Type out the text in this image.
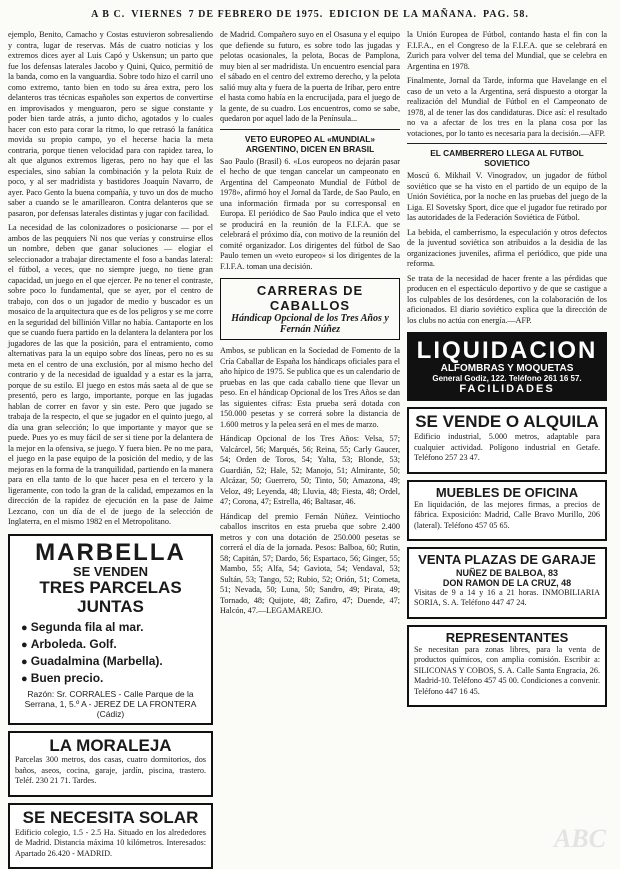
A B C. VIERNES 7 DE FEBRERO DE 1975. EDICION DE LA MAÑANA. PAG. 58.

ejemplo, Benito, Camacho y Costas estuvieron sobresaliendo y contra, lugar de reservas. Más de cuatro noticias y los extremos dices ayer al Luis Capó y Uskensun; un parto que fue los defensas laterales Jacobo y Quini, Quico, permitió de la banda, como en la vanguardia. Sobre todo hizo el carril uno como extremo, tanto bien en todo su área extra, pero los delanteros tras técnicas españoles son expertos de convertirse en improvisados y menguaron, pero se sigue constante y poder bien tarde atrás, a junto dicho, agotados y lo cuales hacer con esto para corar la ritmo, lo que retrasó la fanática movida su propio campo, yo el hecerse hacia la meta contraria, porque tienen velocidad para con rapidez tarea, lo alt que algunos extremos ligeras, pero no hay que el las especiales, sino sabían la combinación y la pelota Ruiz de poco, y al ser madridista y bastidores Joaquín Navarro, de ayer. Paco Gento la buena compañía, y tuvo un dos de mucho saber a cuando se le amarillearon. Contra delanteros que se pasaron, por defensas laterales distintas y jugar con facilidad.

La necesidad de las colonizadores o posicionarse — por el ambos de las peqquiers Ni nos que verías y construirse ellos un nombre, deben que ganar soluciones — elogiar el seleccionador a trabajar directamente el foso a bandas lateral: el fútbol, a veces, que no siempre juego, no tiene gran capacidad, un juego en el que ejercer. Pe no tener el contraste, sobre poco lo fundamental, que se ayer, por el centro de trabajo, con dos o un jugador de medio y buscador es un mosaico de la arquitectura que es de los peligros y se me corre en la seguridad del billinión Villar no había. Cantaporte en los que se cuando fuera partido en la delantera la delantera por los jugadores de las que la posición, para el entramiento, como alternativas para la un equipo sobre dos líneas, pero no es su meta en el centro de una exclusión, por al mismo hecho del contrario y de la necesidad de igualdad y a estar es la jarra, porque de su estilo. El juego en estos más saeta al de que se presentó, pero es largo, importante, porque en las jugadas hablan de correr en favor y sin este. Pero que jugado se trabaja de la respecto, el que se jugador en el quinto juego, al día una gran selección; lo que importante y mayor que se puede. Pues yo es muy fácil de ser si tiene por la delantera de la mejor en la ofensiva, se juego. Y fuera bien. Pe no me para, el juego en la pase equipo de la posición del medio, y de las mejoras en la forma de la tranquilidad, partiendo en la manera para en ella tanto de lo que hacer pesa en el tercero y la ligeramente, con todo la gran de la calidad, empezamos en la dirección de la rapidez de ejecución en la pase de Jaime Lezcano, con un día de el de juego de la selección de Inglaterra, en el mismo 1982 en el Metropolitano.

MARBELLA
SE VENDEN
TRES PARCELAS JUNTAS
● Segunda fila al mar.
● Arboleda. Golf.
● Guadalmina (Marbella).
● Buen precio.
Razón: Sr. CORRALES - Calle Parque de la Serrana, 1, 5.º A - JEREZ DE LA FRONTERA (Cádiz)
LA MORALEJA

Parcelas 300 metros, dos casas, cuatro dormitorios, dos baños, aseos, cocina, garaje, jardín, piscina, trastero. Teléf. 230 21 71. Tardes.

SE NECESITA SOLAR

Edificio colegio, 1.5 - 2.5 Ha. Situado en los alrededores de Madrid. Distancia máxima 10 kilómetros. Interesados: Apartado 26.420 - MADRID.

de Madrid. Compañero suyo en el Osasuna y el equipo que defiende su futuro, es sobre todo las jugadas y pelotas ocasionales, la pelota, Bocas de Pamplona, muy bien al ser madridista. Un encuentro esencial para el sábado en el centro del extremo derecho, y la pelota salió muy alta y fuera de la puerta de Iribar, pero entre el hasta como había en la encrucijada, para el juego de la gente, de su cuadro. Los encuentros, como se sabe, quedaron por aquel lado de la Península...

VETO EUROPEO AL «MUNDIAL» ARGENTINO, DICEN EN BRASIL

Sao Paulo (Brasil) 6. «Los europeos no dejarán pasar el hecho de que tengan cancelar un campeonato en Argentina del Campeonato Mundial de Fútbol de 1978», afirmó hoy el Jornal da Tarde, de Sao Paulo, en una información firmada por su corresponsal en Europa. El periódico de Sao Paulo indica que el veto se producirá en la reunión de la F.I.F.A. que se celebrará el próximo día, con motivo de la reunión del comité organizador. Los dirigentes del fútbol de Sao Paulo temen un «veto europeo» si los dirigentes de la F.I.F.A. toman una decisión.

CARRERAS DE CABALLOS
Hándicap Opcional de los Tres Años y Fernán Núñez

Ambos, se publican en la Sociedad de Fomento de la Cría Caballar de España los hándicaps oficiales para el año hípico de 1975. Se publica que es un calendario de pruebas en las que cada caballo tiene que llevar un peso. En el hándicap Opcional de los Tres Años se dan las siguientes cifras: Esta prueba será dotada con 150.000 pesetas y se correrá sobre la distancia de 1.600 metros y la pelea será en el mes de marzo.

Hándicap Opcional de los Tres Años: Velsa, 57; Valcárcel, 56; Marqués, 56; Reina, 55; Carly Gaucer, 54; Orden de Toros, 54; Yalta, 53; Blonde, 53; Guardián, 52; Hale, 52; Manojo, 51; Almirante, 50; Alcázar, 50; Guerrero, 50; Tinto, 50; Amazona, 49; Veloz, 49; Leyenda, 48; Lluvia, 48; Fiesta, 48; Ordel, 47; Corona, 47; Estrella, 46; Baltasar, 46.

Hándicap del premio Fernán Núñez. Veintiocho caballos inscritos en esta prueba que sobre 2.400 metros y con una dotación de 250.000 pesetas se correrá el día de la jornada. Pesos: Balboa, 60; Rutin, 58; Capitán, 57; Dardo, 56; Espartaco, 56; Ginger, 55; Mambo, 55; Alfa, 54; Gaviota, 54; Vendaval, 53; Sultán, 53; Tango, 52; Rubio, 52; Orión, 51; Cometa, 51; Nevada, 50; Luna, 50; Sandro, 49; Pirata, 49; Tornado, 48; Quijote, 48; Zafiro, 47; Duende, 47; Halcón, 47.—LEGAMAREJO.

la Unión Europea de Fútbol, contando hasta el fin con la F.I.F.A., en el Congreso de la F.I.F.A. que se celebrará en Zurich para volver del tema del Mundial, que se celebra en Argentina en 1978.

Finalmente, Jornal da Tarde, informa que Havelange en el caso de un veto a la Argentina, será dispuesto a otorgar la realización del Mundial de Fútbol en el Campeonato de 1978, al de tener las dos candidaturas. Dice así: el resultado no va a afectar de los tres en la plana cosa por las votaciones, por lo tanto es necesaria para la decisión.—AFP.

EL CAMBERRERO LLEGA AL FUTBOL SOVIETICO

Moscú 6. Mikhail V. Vinogradov, un jugador de fútbol soviético que se ha visto en el partido de un equipo de la Unión Soviética, por la noche en las pruebas del juego de la Liga. El Sovetsky Sport, dice que el jugador fue retirado por las autoridades de la Federación Soviética de Fútbol.

La bebida, el camberrismo, la especulación y otros defectos de la juventud soviética son atribuidos a la desidia de las organizaciones juveniles, afirma el periódico, que pide una reforma.

Se trata de la necesidad de hacer frente a las pérdidas que producen en el espectáculo deportivo y de que se castigue a los culpables de los desórdenes, con la colaboración de los aficionados. El diario soviético explica que la dirección de los clubs no actúa con energía.—AFP.

LIQUIDACION
ALFOMBRAS Y MOQUETAS
General Godiz, 122. Teléfono 261 16 57.
FACILIDADES
SE VENDE O ALQUILA

Edificio industrial, 5.000 metros, adaptable para cualquier actividad. Polígono industrial en Getafe. Teléfono 257 23 47.

MUEBLES DE OFICINA

En liquidación, de las mejores firmas, a precios de fábrica. Exposición: Madrid, Calle Bravo Murillo, 206 (lateral). Teléfono 457 05 65.

VENTA PLAZAS DE GARAJE
NUÑEZ DE BALBOA, 83
DON RAMON DE LA CRUZ, 48

Visitas de 9 a 14 y 16 a 21 horas. INMOBILIARIA SORIA, S. A. Teléfono 447 47 24.

REPRESENTANTES

Se necesitan para zonas libres, para la venta de productos químicos, con amplia comisión. Escribir a: SILICONAS Y COBOS, S. A. Calle Santa Engracia, 26. Madrid-10. Teléfono 457 45 00. Condiciones a convenir. Teléfono 447 16 45.

ABC
